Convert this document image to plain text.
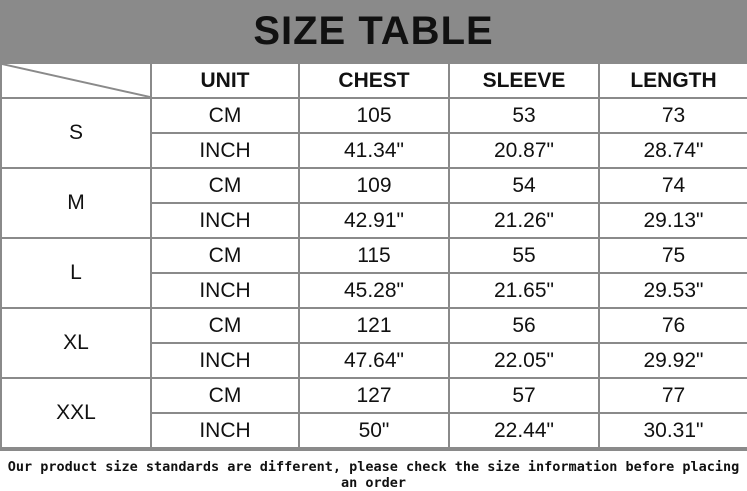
SIZE TABLE
	UNIT	CHEST	SLEEVE	LENGTH
S	CM	105	53	73
	INCH	41.34"	20.87"	28.74"
M	CM	109	54	74
	INCH	42.91"	21.26"	29.13"
L	CM	115	55	75
	INCH	45.28"	21.65"	29.53"
XL	CM	121	56	76
	INCH	47.64"	22.05"	29.92"
XXL	CM	127	57	77
	INCH	50"	22.44"	30.31"
Our product size standards are different, please check the size information before placing an order
